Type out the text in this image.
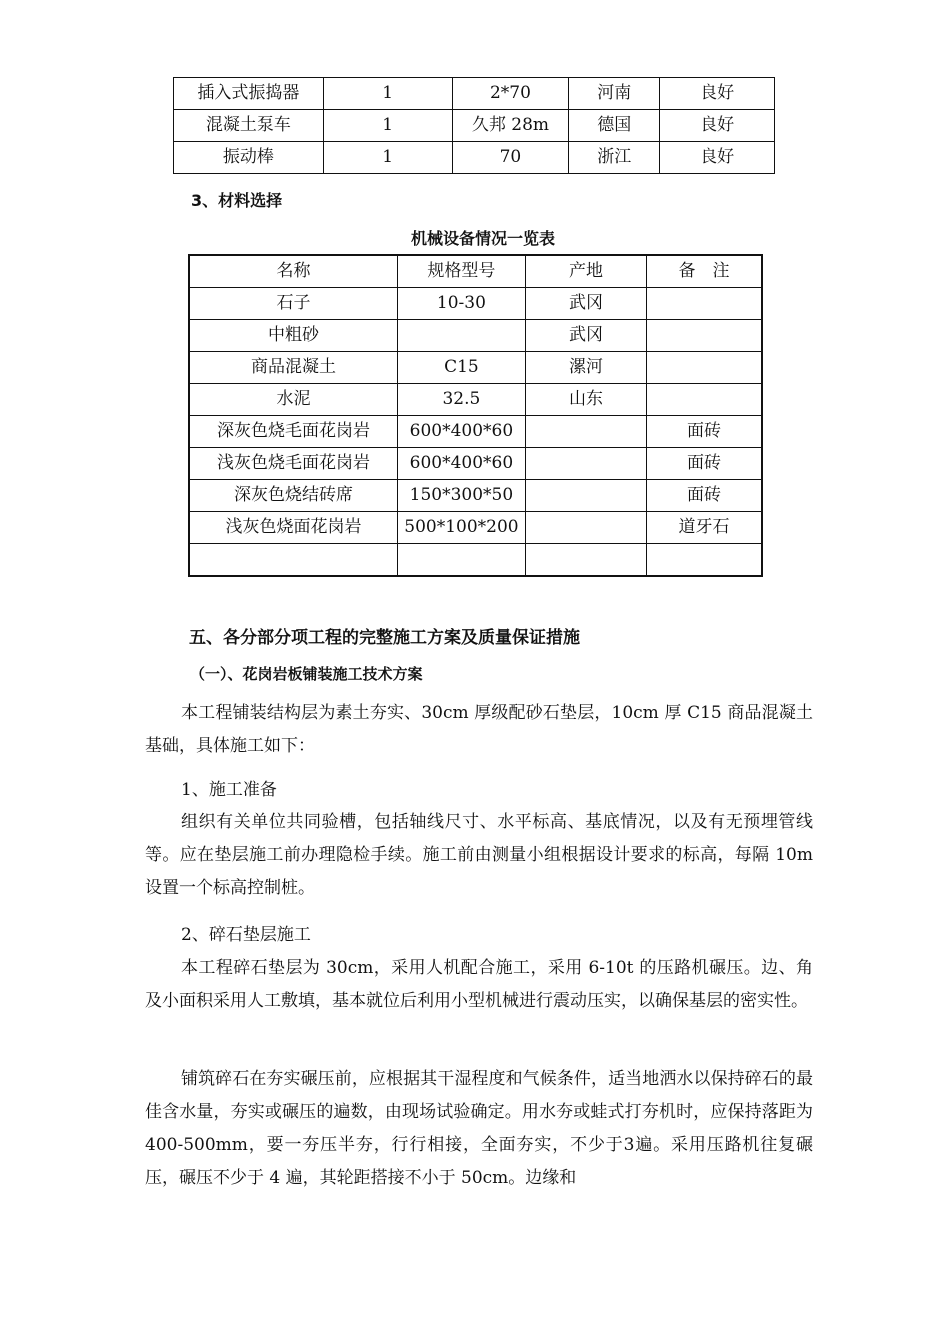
插入式振捣器	1	2*70	河南	良好
混凝土泵车	1	久邦 28m	德国	良好
振动棒	1	70	浙江	良好
3、材料选择
机械设备情况一览表
名称	规格型号	产地	备　注
石子	10-30	武冈	
中粗砂		武冈	
商品混凝土	C15	漯河	
水泥	32.5	山东	
深灰色烧毛面花岗岩	600*400*60		面砖
浅灰色烧毛面花岗岩	600*400*60		面砖
深灰色烧结砖席	150*300*50		面砖
浅灰色烧面花岗岩	500*100*200		道牙石

五、各分部分项工程的完整施工方案及质量保证措施
（一）、花岗岩板铺装施工技术方案

本工程铺装结构层为素土夯实、30cm 厚级配砂石垫层，10cm 厚 C15 商品混凝土基础，具体施工如下：

1、施工准备

组织有关单位共同验槽，包括轴线尺寸、水平标高、基底情况，以及有无预埋管线等。应在垫层施工前办理隐检手续。施工前由测量小组根据设计要求的标高，每隔 10m 设置一个标高控制桩。

2、碎石垫层施工

本工程碎石垫层为 30cm，采用人机配合施工，采用 6-10t 的压路机碾压。边、角及小面积采用人工敷填，基本就位后利用小型机械进行震动压实，以确保基层的密实性。

铺筑碎石在夯实碾压前，应根据其干湿程度和气候条件，适当地洒水以保持碎石的最佳含水量，夯实或碾压的遍数，由现场试验确定。用水夯或蛙式打夯机时，应保持落距为400-500mm，要一夯压半夯，行行相接，全面夯实，不少于3遍。采用压路机往复碾压，碾压不少于 4 遍，其轮距搭接不小于 50cm。边缘和
